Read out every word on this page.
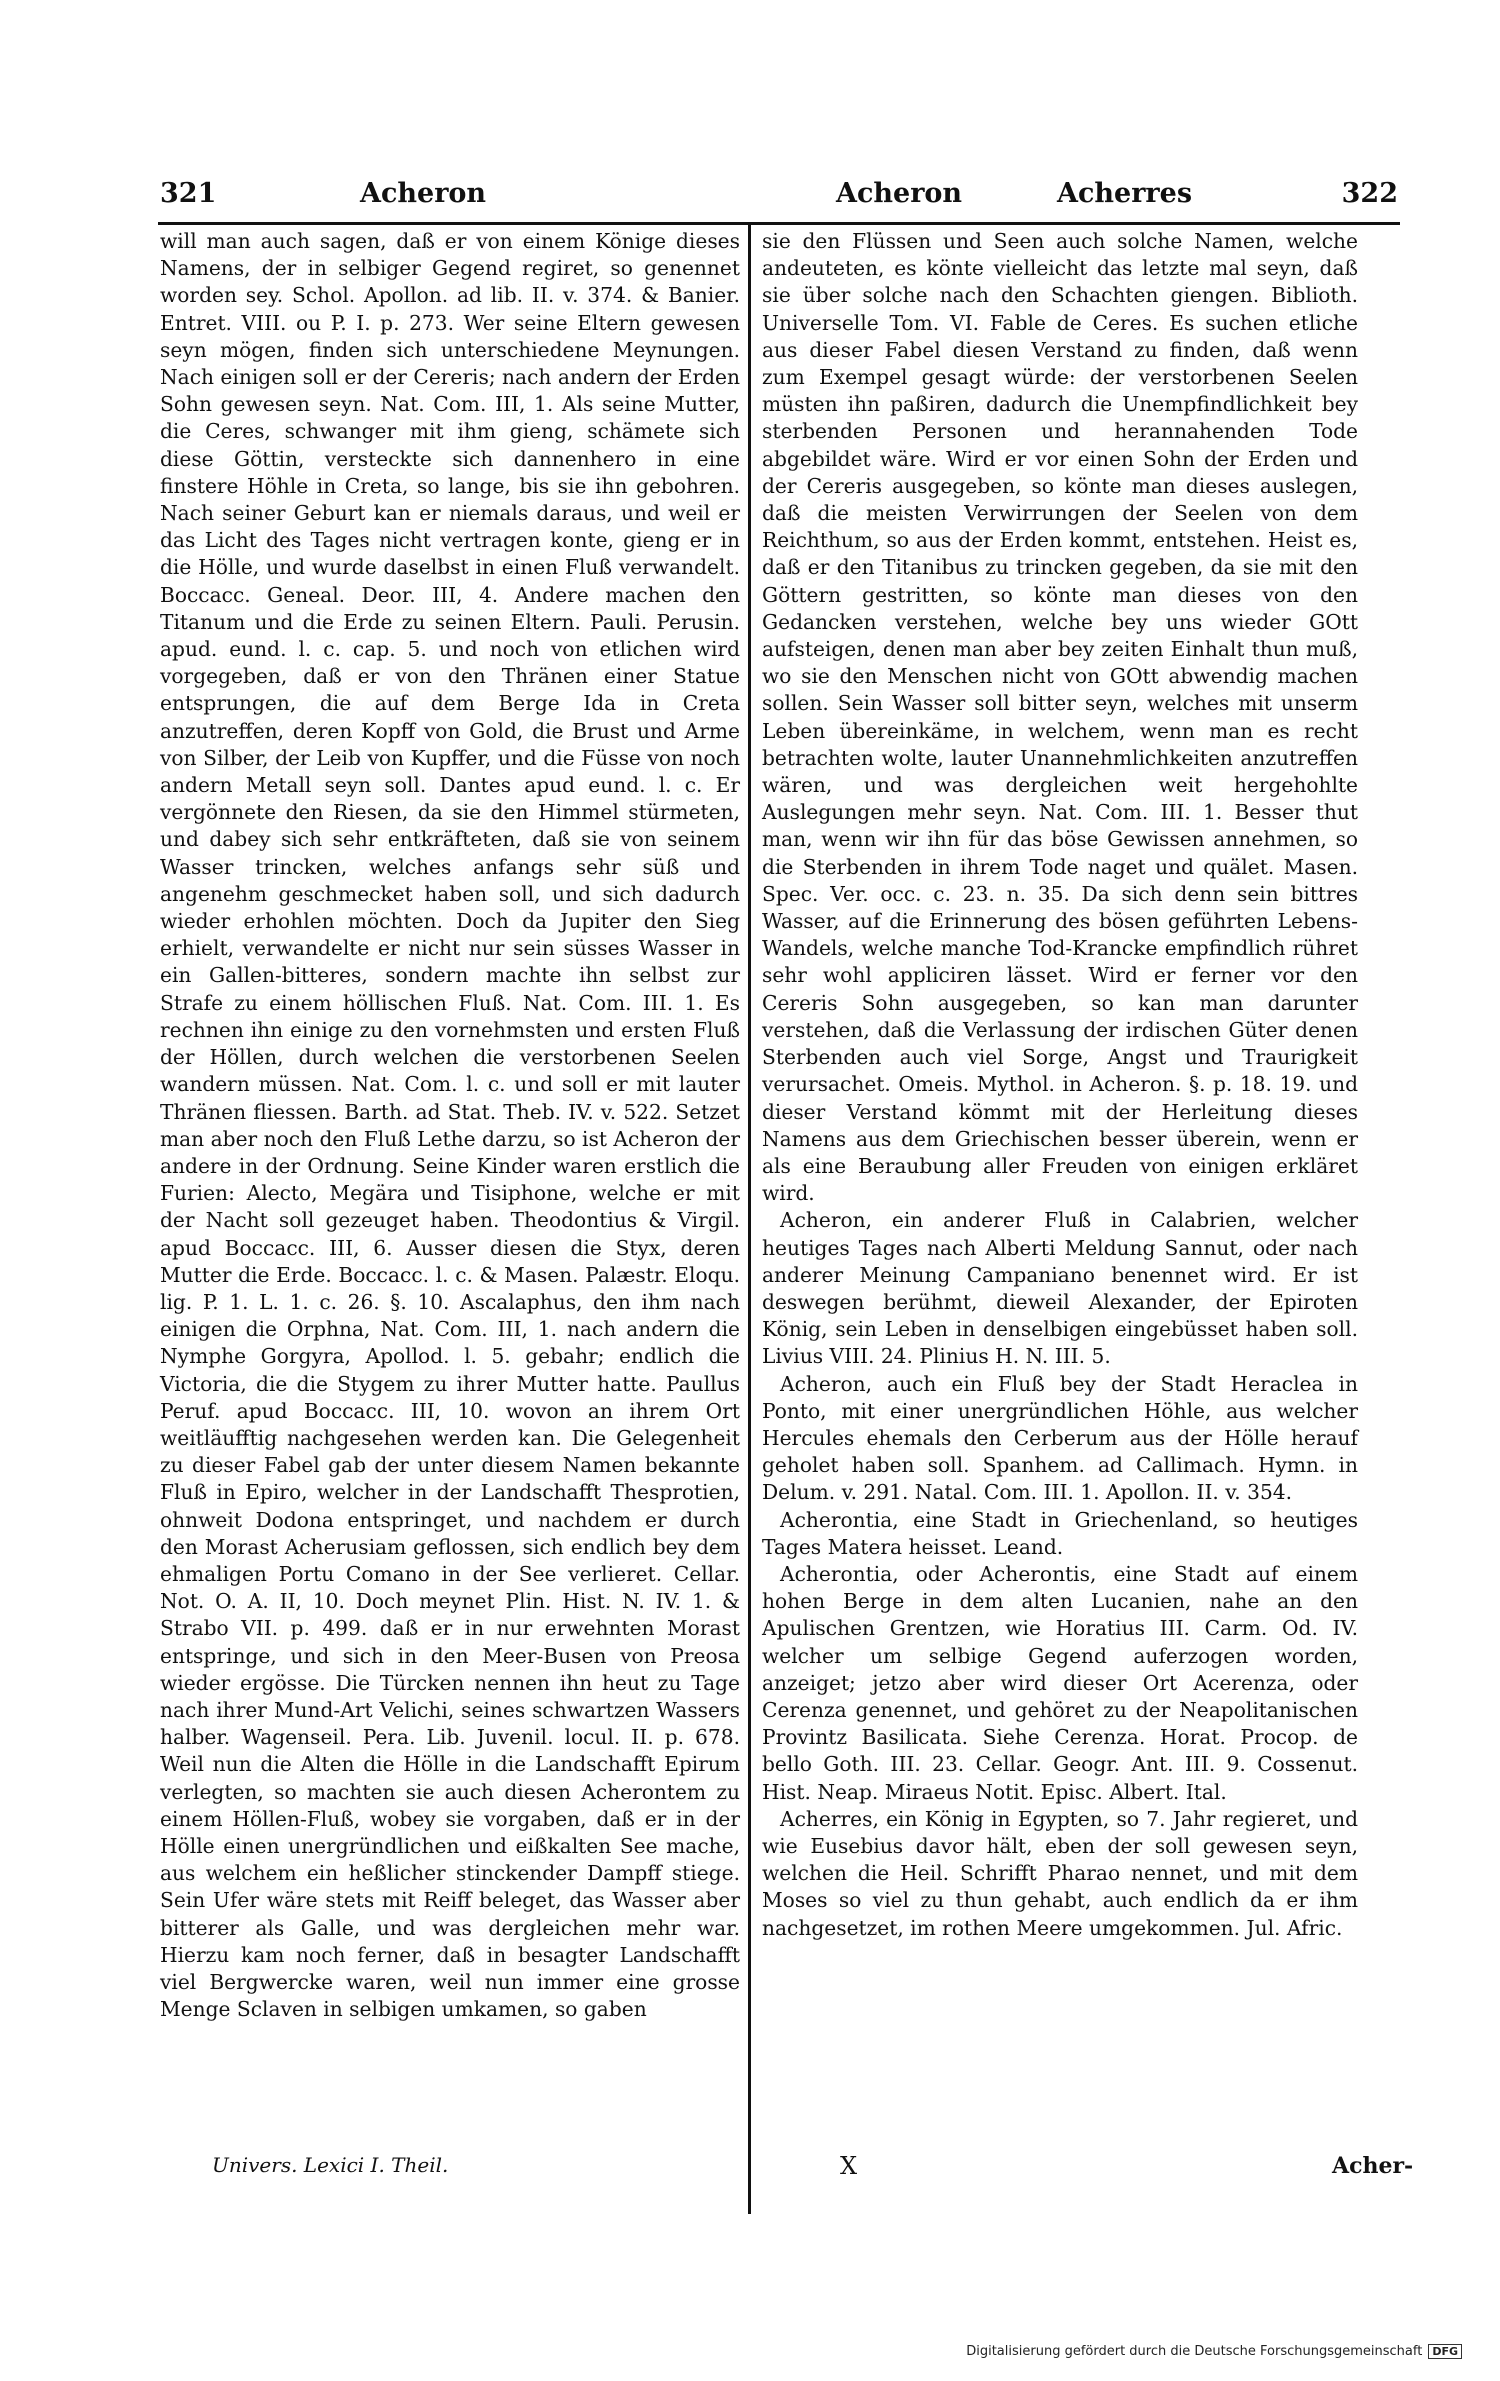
321	Acheron	Acheron	Acherres	322

will man auch sagen, daß er von einem Könige dieses Namens, der in selbiger Gegend regiret, so genennet worden sey. Schol. Apollon. ad lib. II. v. 374. & Banier. Entret. VIII. ou P. I. p. 273. Wer seine Eltern gewesen seyn mögen, finden sich unterschiedene Meynungen. Nach einigen soll er der Cereris; nach andern der Erden Sohn gewesen seyn. Nat. Com. III, 1. Als seine Mutter, die Ceres, schwanger mit ihm gieng, schämete sich diese Göttin, versteckte sich dannenhero in eine finstere Höhle in Creta, so lange, bis sie ihn gebohren. Nach seiner Geburt kan er niemals daraus, und weil er das Licht des Tages nicht vertragen konte, gieng er in die Hölle, und wurde daselbst in einen Fluß verwandelt. Boccacc. Geneal. Deor. III, 4. Andere machen den Titanum und die Erde zu seinen Eltern. Pauli. Perusin. apud. eund. l. c. cap. 5. und noch von etlichen wird vorgegeben, daß er von den Thränen einer Statue entsprungen, die auf dem Berge Ida in Creta anzutreffen, deren Kopff von Gold, die Brust und Arme von Silber, der Leib von Kupffer, und die Füsse von noch andern Metall seyn soll. Dantes apud eund. l. c. Er vergönnete den Riesen, da sie den Himmel stürmeten, und dabey sich sehr entkräfteten, daß sie von seinem Wasser trincken, welches anfangs sehr süß und angenehm geschmecket haben soll, und sich dadurch wieder erhohlen möchten. Doch da Jupiter den Sieg erhielt, verwandelte er nicht nur sein süsses Wasser in ein Gallen-bitteres, sondern machte ihn selbst zur Strafe zu einem höllischen Fluß. Nat. Com. III. 1. Es rechnen ihn einige zu den vornehmsten und ersten Fluß der Höllen, durch welchen die verstorbenen Seelen wandern müssen. Nat. Com. l. c. und soll er mit lauter Thränen fliessen. Barth. ad Stat. Theb. IV. v. 522. Setzet man aber noch den Fluß Lethe darzu, so ist Acheron der andere in der Ordnung. Seine Kinder waren erstlich die Furien: Alecto, Megära und Tisiphone, welche er mit der Nacht soll gezeuget haben. Theodontius & Virgil. apud Boccacc. III, 6. Ausser diesen die Styx, deren Mutter die Erde. Boccacc. l. c. & Masen. Palæstr. Eloqu. lig. P. 1. L. 1. c. 26. §. 10. Ascalaphus, den ihm nach einigen die Orphna, Nat. Com. III, 1. nach andern die Nymphe Gorgyra, Apollod. l. 5. gebahr; endlich die Victoria, die die Stygem zu ihrer Mutter hatte. Paullus Peruf. apud Boccacc. III, 10. wovon an ihrem Ort weitläufftig nachgesehen werden kan. Die Gelegenheit zu dieser Fabel gab der unter diesem Namen bekannte Fluß in Epiro, welcher in der Landschafft Thesprotien, ohnweit Dodona entspringet, und nachdem er durch den Morast Acherusiam geflossen, sich endlich bey dem ehmaligen Portu Comano in der See verlieret. Cellar. Not. O. A. II, 10. Doch meynet Plin. Hist. N. IV. 1. & Strabo VII. p. 499. daß er in nur erwehnten Morast entspringe, und sich in den Meer-Busen von Preosa wieder ergösse. Die Türcken nennen ihn heut zu Tage nach ihrer Mund-Art Velichi, seines schwartzen Wassers halber. Wagenseil. Pera. Lib. Juvenil. locul. II. p. 678. Weil nun die Alten die Hölle in die Landschafft Epirum verlegten, so machten sie auch diesen Acherontem zu einem Höllen-Fluß, wobey sie vorgaben, daß er in der Hölle einen unergründlichen und eißkalten See mache, aus welchem ein heßlicher stinckender Dampff stiege. Sein Ufer wäre stets mit Reiff beleget, das Wasser aber bitterer als Galle, und was dergleichen mehr war. Hierzu kam noch ferner, daß in besagter Landschafft viel Bergwercke waren, weil nun immer eine grosse Menge Sclaven in selbigen umkamen, so gaben

sie den Flüssen und Seen auch solche Namen, welche andeuteten, es könte vielleicht das letzte mal seyn, daß sie über solche nach den Schachten giengen. Biblioth. Universelle Tom. VI. Fable de Ceres. Es suchen etliche aus dieser Fabel diesen Verstand zu finden, daß wenn zum Exempel gesagt würde: der verstorbenen Seelen müsten ihn paßiren, dadurch die Unempfindlichkeit bey sterbenden Personen und herannahenden Tode abgebildet wäre. Wird er vor einen Sohn der Erden und der Cereris ausgegeben, so könte man dieses auslegen, daß die meisten Verwirrungen der Seelen von dem Reichthum, so aus der Erden kommt, entstehen. Heist es, daß er den Titanibus zu trincken gegeben, da sie mit den Göttern gestritten, so könte man dieses von den Gedancken verstehen, welche bey uns wieder GOtt aufsteigen, denen man aber bey zeiten Einhalt thun muß, wo sie den Menschen nicht von GOtt abwendig machen sollen. Sein Wasser soll bitter seyn, welches mit unserm Leben übereinkäme, in welchem, wenn man es recht betrachten wolte, lauter Unannehmlichkeiten anzutreffen wären, und was dergleichen weit hergehohlte Auslegungen mehr seyn. Nat. Com. III. 1. Besser thut man, wenn wir ihn für das böse Gewissen annehmen, so die Sterbenden in ihrem Tode naget und quälet. Masen. Spec. Ver. occ. c. 23. n. 35. Da sich denn sein bittres Wasser, auf die Erinnerung des bösen geführten Lebens-Wandels, welche manche Tod-Krancke empfindlich rühret sehr wohl appliciren lässet. Wird er ferner vor den Cereris Sohn ausgegeben, so kan man darunter verstehen, daß die Verlassung der irdischen Güter denen Sterbenden auch viel Sorge, Angst und Traurigkeit verursachet. Omeis. Mythol. in Acheron. §. p. 18. 19. und dieser Verstand kömmt mit der Herleitung dieses Namens aus dem Griechischen besser überein, wenn er als eine Beraubung aller Freuden von einigen erkläret wird.

Acheron, ein anderer Fluß in Calabrien, welcher heutiges Tages nach Alberti Meldung Sannut, oder nach anderer Meinung Campaniano benennet wird. Er ist deswegen berühmt, dieweil Alexander, der Epiroten König, sein Leben in denselbigen eingebüsset haben soll. Livius VIII. 24. Plinius H. N. III. 5.

Acheron, auch ein Fluß bey der Stadt Heraclea in Ponto, mit einer unergründlichen Höhle, aus welcher Hercules ehemals den Cerberum aus der Hölle herauf geholet haben soll. Spanhem. ad Callimach. Hymn. in Delum. v. 291. Natal. Com. III. 1. Apollon. II. v. 354.

Acherontia, eine Stadt in Griechenland, so heutiges Tages Matera heisset. Leand.

Acherontia, oder Acherontis, eine Stadt auf einem hohen Berge in dem alten Lucanien, nahe an den Apulischen Grentzen, wie Horatius III. Carm. Od. IV. welcher um selbige Gegend auferzogen worden, anzeiget; jetzo aber wird dieser Ort Acerenza, oder Cerenza genennet, und gehöret zu der Neapolitanischen Provintz Basilicata. Siehe Cerenza. Horat. Procop. de bello Goth. III. 23. Cellar. Geogr. Ant. III. 9. Cossenut. Hist. Neap. Miraeus Notit. Episc. Albert. Ital.

Acherres, ein König in Egypten, so 7. Jahr regieret, und wie Eusebius davor hält, eben der soll gewesen seyn, welchen die Heil. Schrifft Pharao nennet, und mit dem Moses so viel zu thun gehabt, auch endlich da er ihm nachgesetzet, im rothen Meere umgekommen. Jul. Afric.

Univers. Lexici I. Theil.	X	Acher-
Digitalisierung gefördert durch die Deutsche Forschungsgemeinschaft DFG
